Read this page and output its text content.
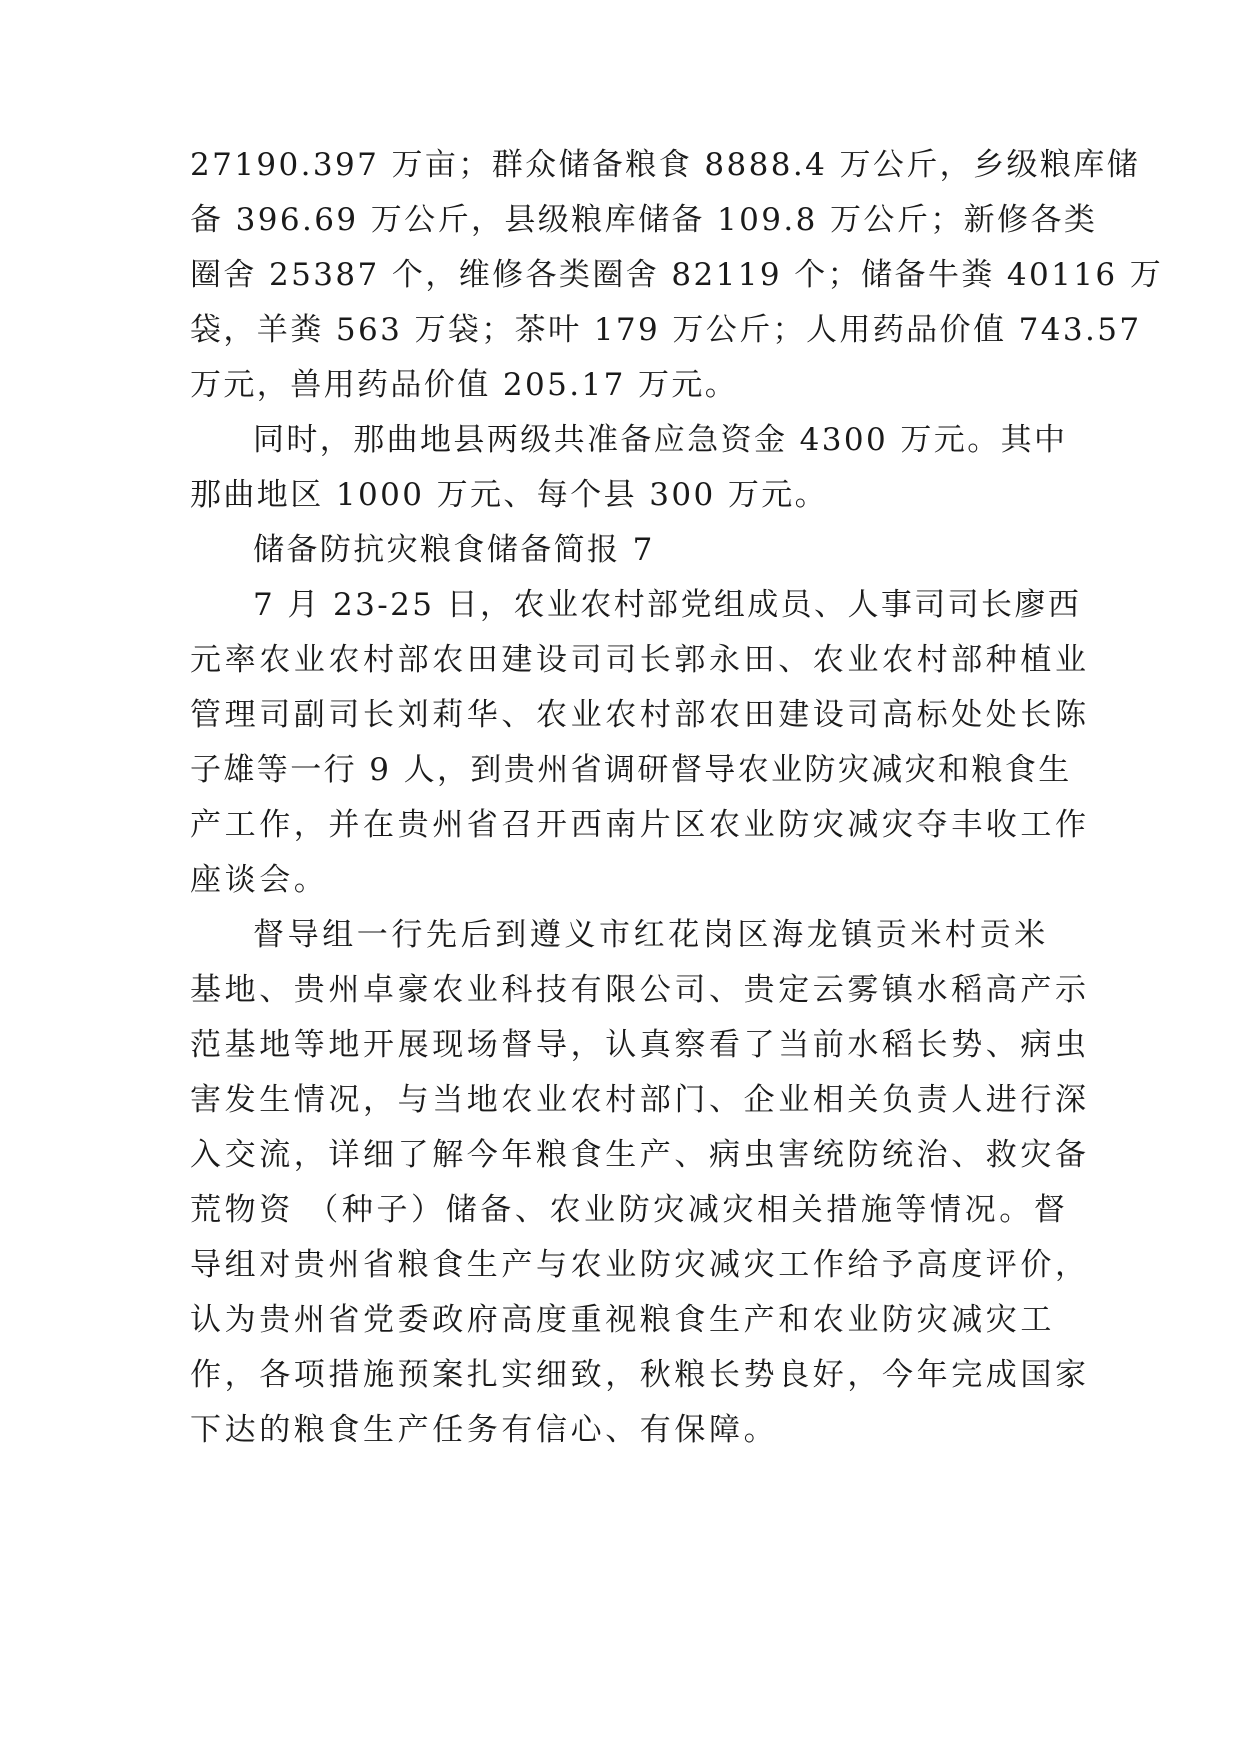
27190.397 万亩；群众储备粮食 8888.4 万公斤，乡级粮库储
备 396.69 万公斤，县级粮库储备 109.8 万公斤；新修各类
圈舍 25387 个，维修各类圈舍 82119 个；储备牛粪 40116 万
袋，羊粪 563 万袋；茶叶 179 万公斤；人用药品价值 743.57
万元，兽用药品价值 205.17 万元。
同时，那曲地县两级共准备应急资金 4300 万元。其中
那曲地区 1000 万元、每个县 300 万元。
储备防抗灾粮食储备简报 7
7 月 23-25 日，农业农村部党组成员、人事司司长廖西
元率农业农村部农田建设司司长郭永田、农业农村部种植业
管理司副司长刘莉华、农业农村部农田建设司高标处处长陈
子雄等一行 9 人，到贵州省调研督导农业防灾减灾和粮食生
产工作，并在贵州省召开西南片区农业防灾减灾夺丰收工作
座谈会。
督导组一行先后到遵义市红花岗区海龙镇贡米村贡米
基地、贵州卓豪农业科技有限公司、贵定云雾镇水稻高产示
范基地等地开展现场督导，认真察看了当前水稻长势、病虫
害发生情况，与当地农业农村部门、企业相关负责人进行深
入交流，详细了解今年粮食生产、病虫害统防统治、救灾备
荒物资 （种子）储备、农业防灾减灾相关措施等情况。督
导组对贵州省粮食生产与农业防灾减灾工作给予高度评价，
认为贵州省党委政府高度重视粮食生产和农业防灾减灾工
作，各项措施预案扎实细致，秋粮长势良好，今年完成国家
下达的粮食生产任务有信心、有保障。
